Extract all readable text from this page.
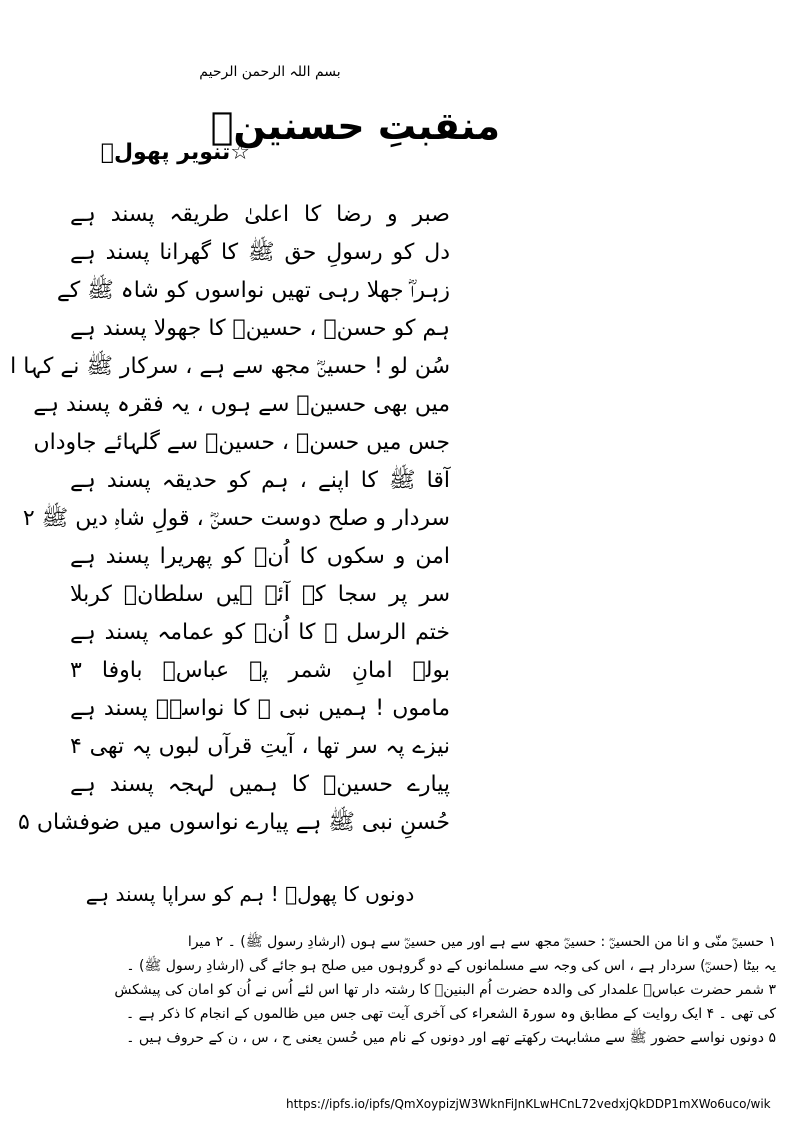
بسم اللہ الرحمن الرحیم
منقبتِ حسنینؓ
☆تنویر پھولؔ

صبر و رضا کا اعلیٰ طریقہ پسند ہے

دل کو رسولِ حق ﷺ کا گھرانا پسند ہے

زہراؓ جھلا رہی تھیں نواسوں کو شاہ ﷺ کے

ہم کو حسنؓ ، حسینؓ کا جھولا پسند ہے

سُن لو ! حسینؓ مجھ سے ہے ، سرکار ﷺ نے کہا ا

میں بھی حسینؓ سے ہوں ، یہ فقرہ پسند ہے

جس میں حسنؓ ، حسینؓ سے گلہائے جاوداں

آقا ﷺ کا اپنے ، ہم کو حدیقہ پسند ہے

سردار و صلح دوست حسنؓ ، قولِ شاہِ دیں ﷺ ۲

امن و سکوں کا اُنؓ کو پھریرا پسند ہے

سر پر سجا کے آئے ہیں سلطانؓ کربلا

ختم الرسل ﷺ کا اُنؓ کو عمامہ پسند ہے

بولے امانِ شمر پہ عباسؓ باوفا ۳

ماموں ! ہمیں نبی ﷺ کا نواسہؓ پسند ہے

نیزے پہ سر تھا ، آیتِ قرآں لبوں پہ تھی ۴

پیارے حسینؓ کا ہمیں لہجہ پسند ہے

حُسنِ نبی ﷺ ہے پیارے نواسوں میں ضوفشاں ۵

دونوں کا پھولؔ ! ہم کو سراپا پسند ہے

۱ حسینؓ منّی و انا من الحسینؓ : حسینؓ مجھ سے ہے اور میں حسینؓ سے ہوں (ارشادِ رسول ﷺ) ۔ ۲ میرا

یہ بیٹا (حسنؓ) سردار ہے ، اس کی وجہ سے مسلمانوں کے دو گروہوں میں صلح ہو جائے گی (ارشادِ رسول ﷺ) ۔

۳ شمر حضرت عباسؓ علمدار کی والدہ حضرت اُم البنینؓ کا رشتہ دار تھا اس لئے اُس نے اُن کو امان کی پیشکش

کی تھی ۔ ۴ ایک روایت کے مطابق وہ سورۃ الشعراء کی آخری آیت تھی جس میں ظالموں کے انجام کا ذکر ہے ۔

۵ دونوں نواسے حضور ﷺ سے مشابہت رکھتے تھے اور دونوں کے نام میں حُسن یعنی ح ، س ، ن کے حروف ہیں ۔

https://ipfs.io/ipfs/QmXoypizjW3WknFiJnKLwHCnL72vedxjQkDDP1mXWo6uco/wik
